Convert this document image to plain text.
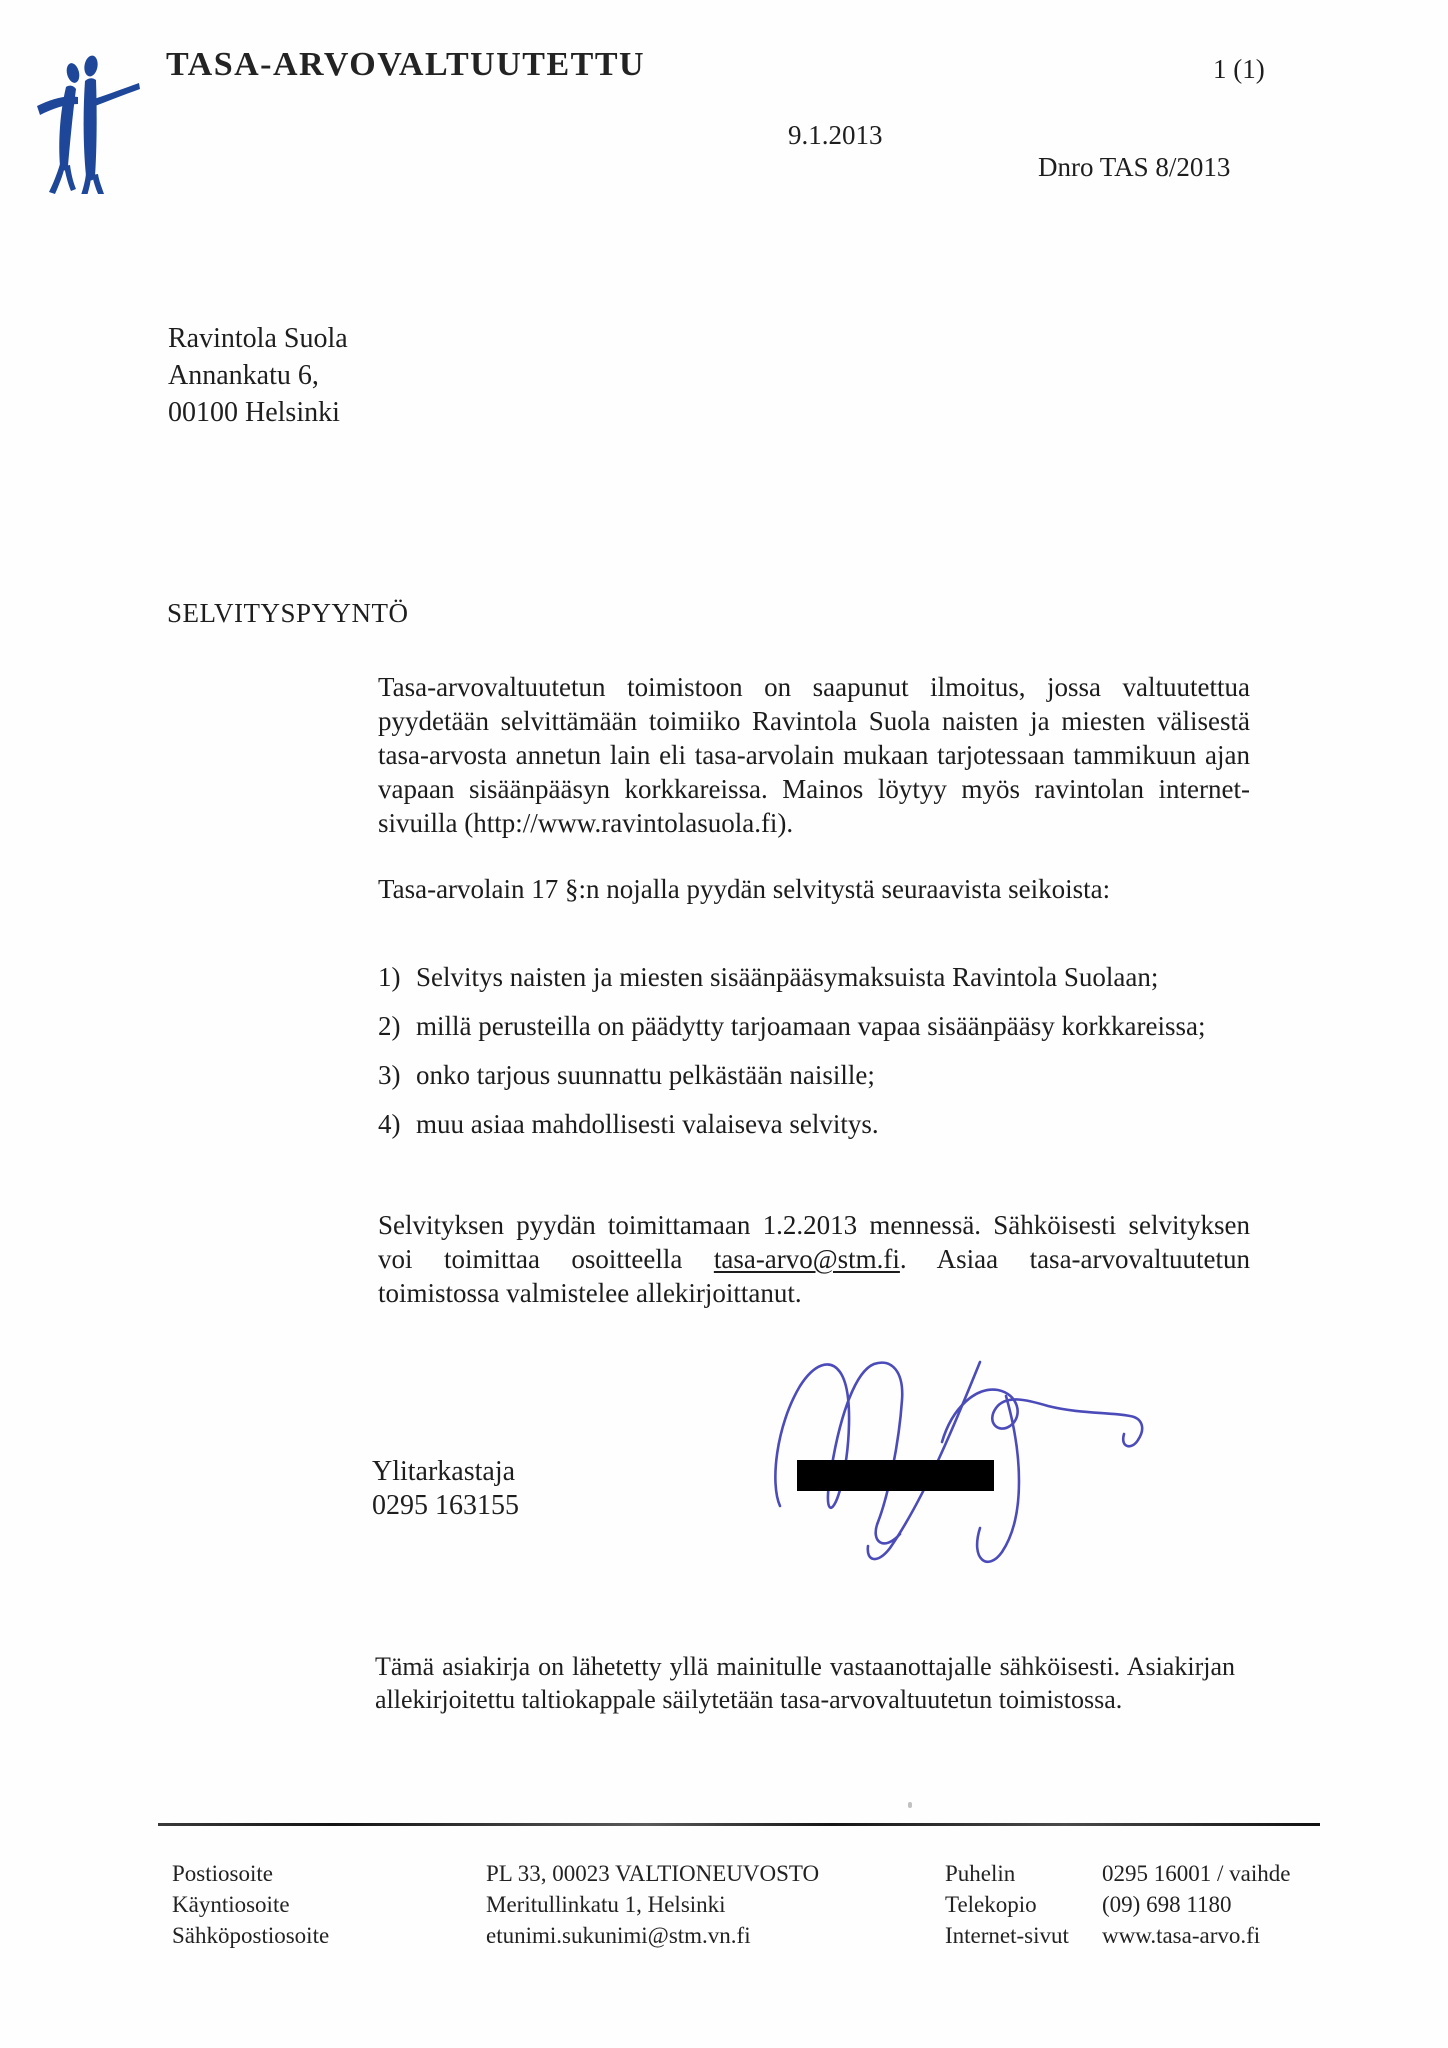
TASA-ARVOVALTUUTETTU	1 (1)
9.1.2013
Dnro TAS 8/2013
Ravintola Suola
Annankatu 6,
00100 Helsinki
SELVITYSPYYNTÖ
Tasa-arvovaltuutetun toimistoon on saapunut ilmoitus, jossa valtuutettua pyydetään selvittämään toimiiko Ravintola Suola naisten ja miesten välisestä tasa-arvosta annetun lain eli tasa-arvolain mukaan tarjotessaan tammikuun ajan vapaan sisäänpääsyn korkkareissa. Mainos löytyy myös ravintolan internet-sivuilla (http://www.ravintolasuola.fi).
Tasa-arvolain 17 §:n nojalla pyydän selvitystä seuraavista seikoista:
1) Selvitys naisten ja miesten sisäänpääsymaksuista Ravintola Suolaan;
2) millä perusteilla on päädytty tarjoamaan vapaa sisäänpääsy korkkareissa;
3) onko tarjous suunnattu pelkästään naisille;
4) muu asiaa mahdollisesti valaiseva selvitys.
Selvityksen pyydän toimittamaan 1.2.2013 mennessä. Sähköisesti selvityksen voi toimittaa osoitteella tasa-arvo@stm.fi. Asiaa tasa-arvovaltuutetun toimistossa valmistelee allekirjoittanut.
Ylitarkastaja
0295 163155
Tämä asiakirja on lähetetty yllä mainitulle vastaanottajalle sähköisesti. Asiakirjan allekirjoitettu taltiokappale säilytetään tasa-arvovaltuutetun toimistossa.
Postiosoite
Käyntiosoite
Sähköpostiosoite
PL 33, 00023 VALTIONEUVOSTO
Meritullinkatu 1, Helsinki
etunimi.sukunimi@stm.vn.fi
Puhelin
Telekopio
Internet-sivut
0295 16001 / vaihde
(09) 698 1180
www.tasa-arvo.fi
